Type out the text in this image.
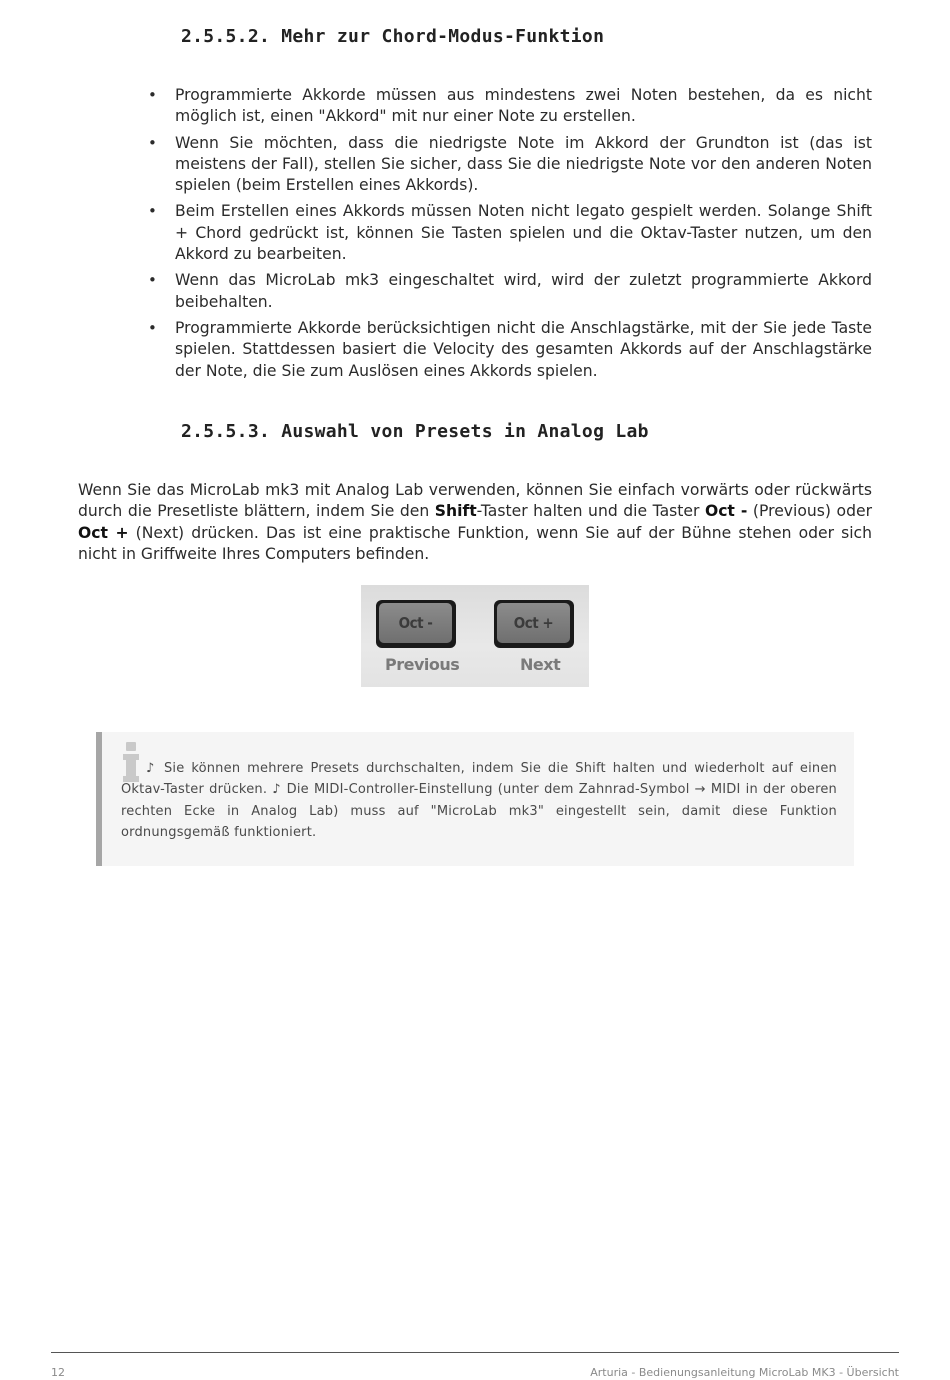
2.5.5.2. Mehr zur Chord-Modus-Funktion
• Programmierte Akkorde müssen aus mindestens zwei Noten bestehen, da es nicht möglich ist, einen "Akkord" mit nur einer Note zu erstellen.
• Wenn Sie möchten, dass die niedrigste Note im Akkord der Grundton ist (das ist meistens der Fall), stellen Sie sicher, dass Sie die niedrigste Note vor den anderen Noten spielen (beim Erstellen eines Akkords).
• Beim Erstellen eines Akkords müssen Noten nicht legato gespielt werden. Solange Shift + Chord gedrückt ist, können Sie Tasten spielen und die Oktav-Taster nutzen, um den Akkord zu bearbeiten.
• Wenn das MicroLab mk3 eingeschaltet wird, wird der zuletzt programmierte Akkord beibehalten.
• Programmierte Akkorde berücksichtigen nicht die Anschlagstärke, mit der Sie jede Taste spielen. Stattdessen basiert die Velocity des gesamten Akkords auf der Anschlagstärke der Note, die Sie zum Auslösen eines Akkords spielen.
2.5.5.3. Auswahl von Presets in Analog Lab

Wenn Sie das MicroLab mk3 mit Analog Lab verwenden, können Sie einfach vorwärts oder rückwärts durch die Presetliste blättern, indem Sie den Shift-Taster halten und die Taster Oct - (Previous) oder Oct + (Next) drücken. Das ist eine praktische Funktion, wenn Sie auf der Bühne stehen oder sich nicht in Griffweite Ihres Computers befinden.

Oct -	Oct +
Previous	Next

♪ Sie können mehrere Presets durchschalten, indem Sie die Shift halten und wiederholt auf einen Oktav-Taster drücken. ♪ Die MIDI-Controller-Einstellung (unter dem Zahnrad-Symbol → MIDI in der oberen rechten Ecke in Analog Lab) muss auf "MicroLab mk3" eingestellt sein, damit diese Funktion ordnungsgemäß funktioniert.

12	Arturia - Bedienungsanleitung MicroLab MK3 - Übersicht
